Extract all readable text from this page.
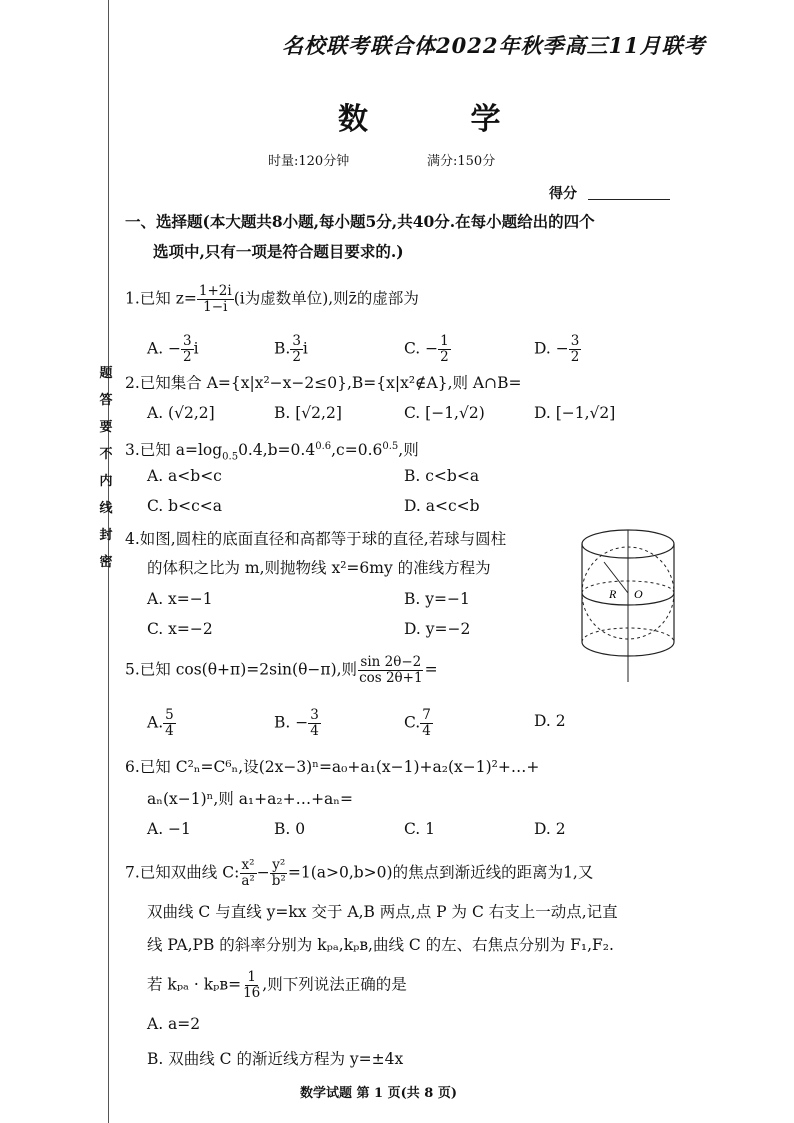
题
答
要
不
内
线
封
密
名校联考联合体2022年秋季高三11月联考
数 学
时量:120分钟	满分:150分
得分
一、选择题(本大题共8小题,每小题5分,共40分.在每小题给出的四个
选项中,只有一项是符合题目要求的.)
1.已知 $z= \frac{1+2i}{1-i} (i$为虚数单位),则z̄的虚部为
A. − $\frac{3}{2}$ i	B. $\frac{3}{2}$ i	C. − $\frac{1}{2}$	D. − $\frac{3}{2}$
2.已知集合 A={x|x²−x−2≤0},B={x|x²∉A},则 A∩B=
A. (√2,2]	B. [√2,2]	C. [−1,√2)	D. [−1,√2]
3.已知 $a=\log_{0.5}0.4,b=0.4^{0.6},c=0.6^{0.5}$,则
A. a<b<c	B. c<b<a
C. b<c<a	D. a<c<b
4.如图,圆柱的底面直径和高都等于球的直径,若球与圆柱
的体积之比为 m,则抛物线 x²=6my 的准线方程为
A. x=−1	B. y=−1
C. x=−2	D. y=−2
R O
5.已知 cos(θ+π)=2sin(θ−π),则 $\frac{\sin 2\theta-2}{\cos 2\theta+1}$ =
A. $\frac{5}{4}$	B. − $\frac{3}{4}$	C. $\frac{7}{4}$	D. 2
6.已知 C²ₙ=C⁶ₙ,设(2x−3)ⁿ=a₀+a₁(x−1)+a₂(x−1)²+…+
aₙ(x−1)ⁿ,则 a₁+a₂+…+aₙ=
A. −1	B. 0	C. 1	D. 2
7.已知双曲线 C: $\frac{\text{x²}}{\text{a²}} - \frac{\text{y²}}{\text{b²}} =1(a>0,b>0)$的焦点到渐近线的距离为1,又
双曲线 C 与直线 y=kx 交于 A,B 两点,点 P 为 C 右支上一动点,记直
线 PA,PB 的斜率分别为 kₚₐ,kₚʙ,曲线 C 的左、右焦点分别为 F₁,F₂.
若 kₚₐ · kₚʙ= $\frac{1}{16}$ ,则下列说法正确的是
A. a=2
B. 双曲线 C 的渐近线方程为 y=±4x
数学试题 第 1 页(共 8 页)
